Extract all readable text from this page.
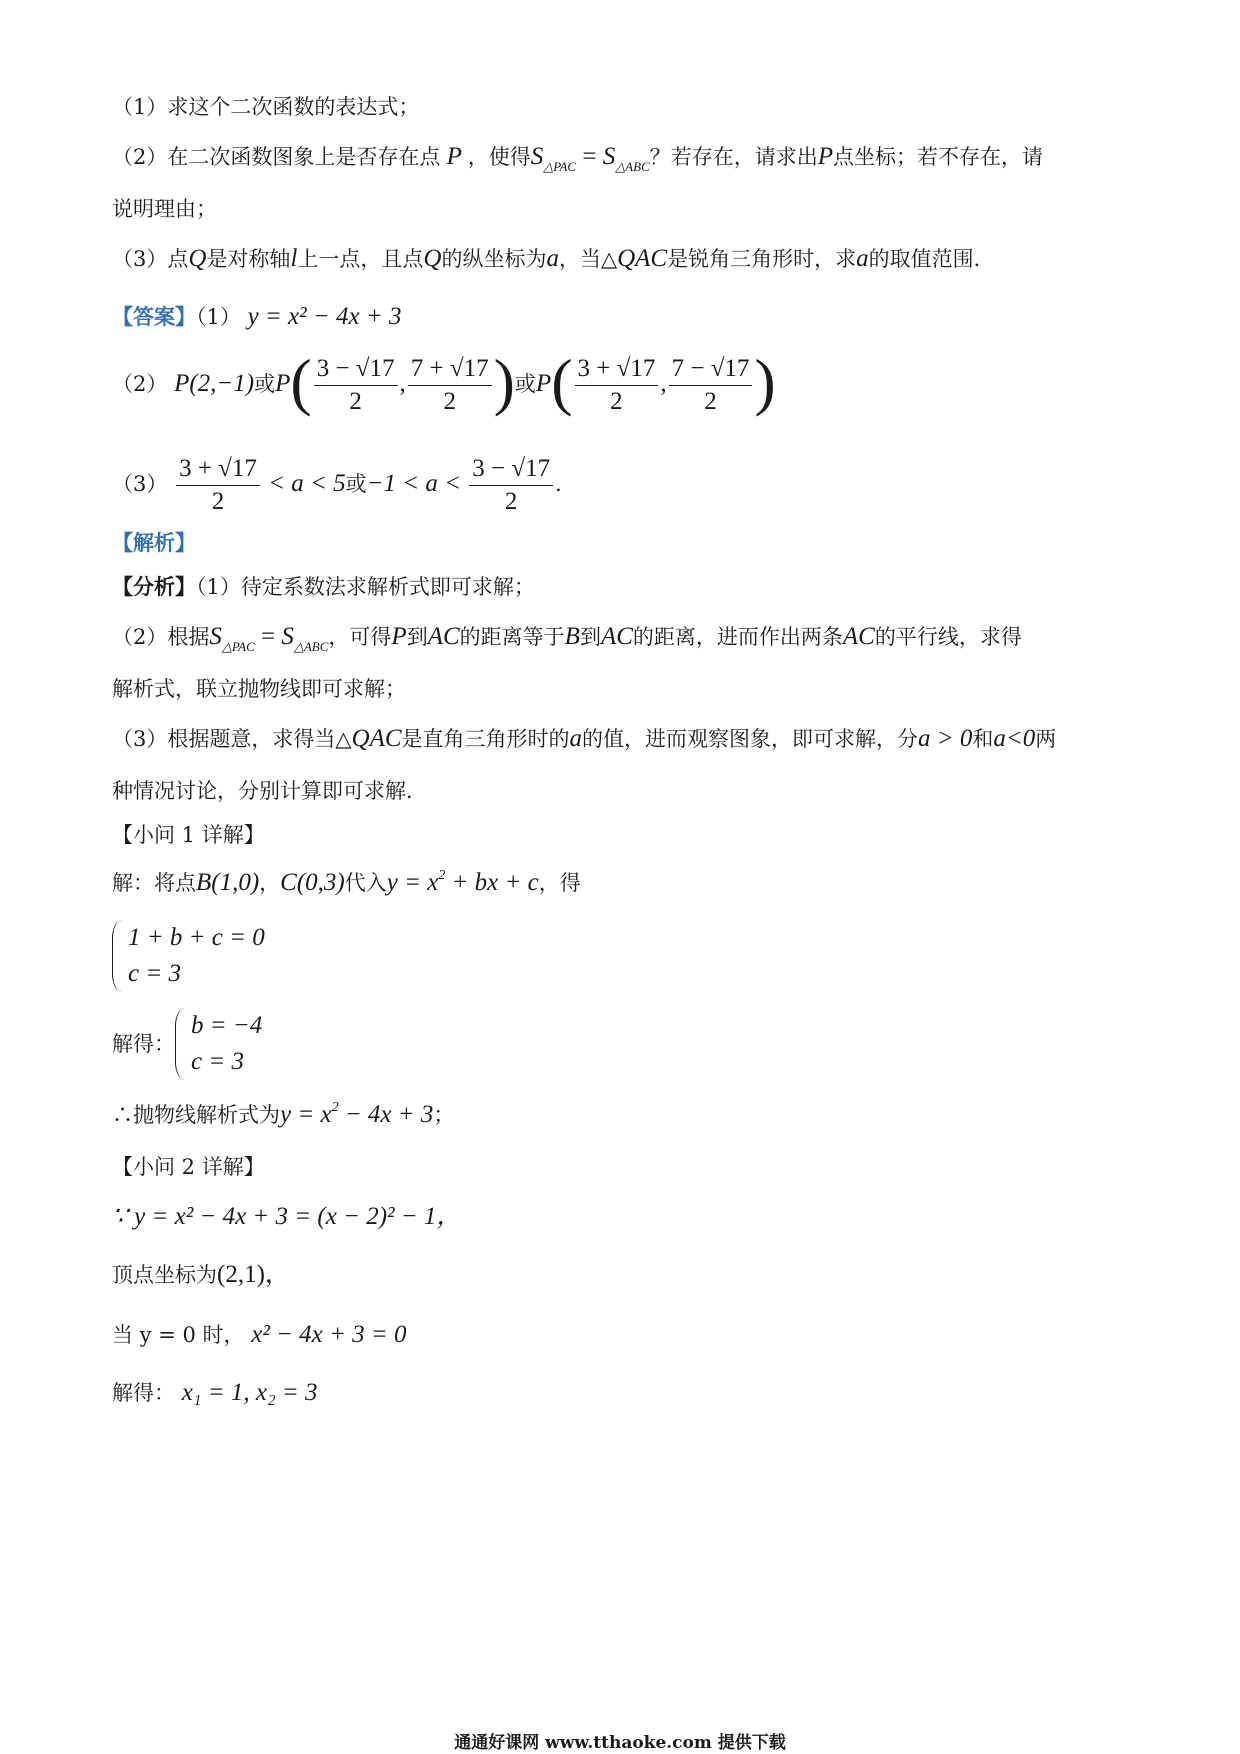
（1）求这个二次函数的表达式；
（2）在二次函数图象上是否存在点 P ，使得$S_{\triangle PAC} = S_{\triangle ABC}$？若存在，请求出P点坐标；若不存在，请
说明理由；
（3）点Q是对称轴l上一点，且点Q的纵坐标为a，当△QAC是锐角三角形时，求a的取值范围．
【答案】（1） y = x² − 4x + 3
（2） P(2,−1)或$P( \frac{3 - √17}{2}$ , $\frac{7 + √17}{2}$ )或$P( \frac{3 + √17}{2}$ , $\frac{7 - √17}{2}$ )
$(3) \frac{3 + √17}{2} < a < 5$或$-1 < a < \frac{3 - √17}{2}$ ．
【解析】
【分析】（1）待定系数法求解析式即可求解；
（2）根据$S_{\triangle PAC} = S_{\triangle ABC}$，可得P到AC的距离等于B到AC的距离，进而作出两条AC的平行线，求得
解析式，联立抛物线即可求解；
（3）根据题意，求得当△QAC是直角三角形时的a的值，进而观察图象，即可求解，分a > 0和a<0两
种情况讨论，分别计算即可求解．
【小问 1 详解】
解：将点B(1,0)，C(0,3)代入$y = x^2$ + bx + c，得
1 + b + c = 0
c = 3
解得：
b = −4
c = 3
∴抛物线解析式为$y = x^2 - 4x + 3$；
【小问 2 详解】
∵ y = x² − 4x + 3 = (x − 2)² − 1，
顶点坐标为(2,1)，
当 y = 0 时， x² − 4x + 3 = 0
解得： x₁ = 1, x₂ = 3
通通好课网 www.tthaoke.com 提供下载
